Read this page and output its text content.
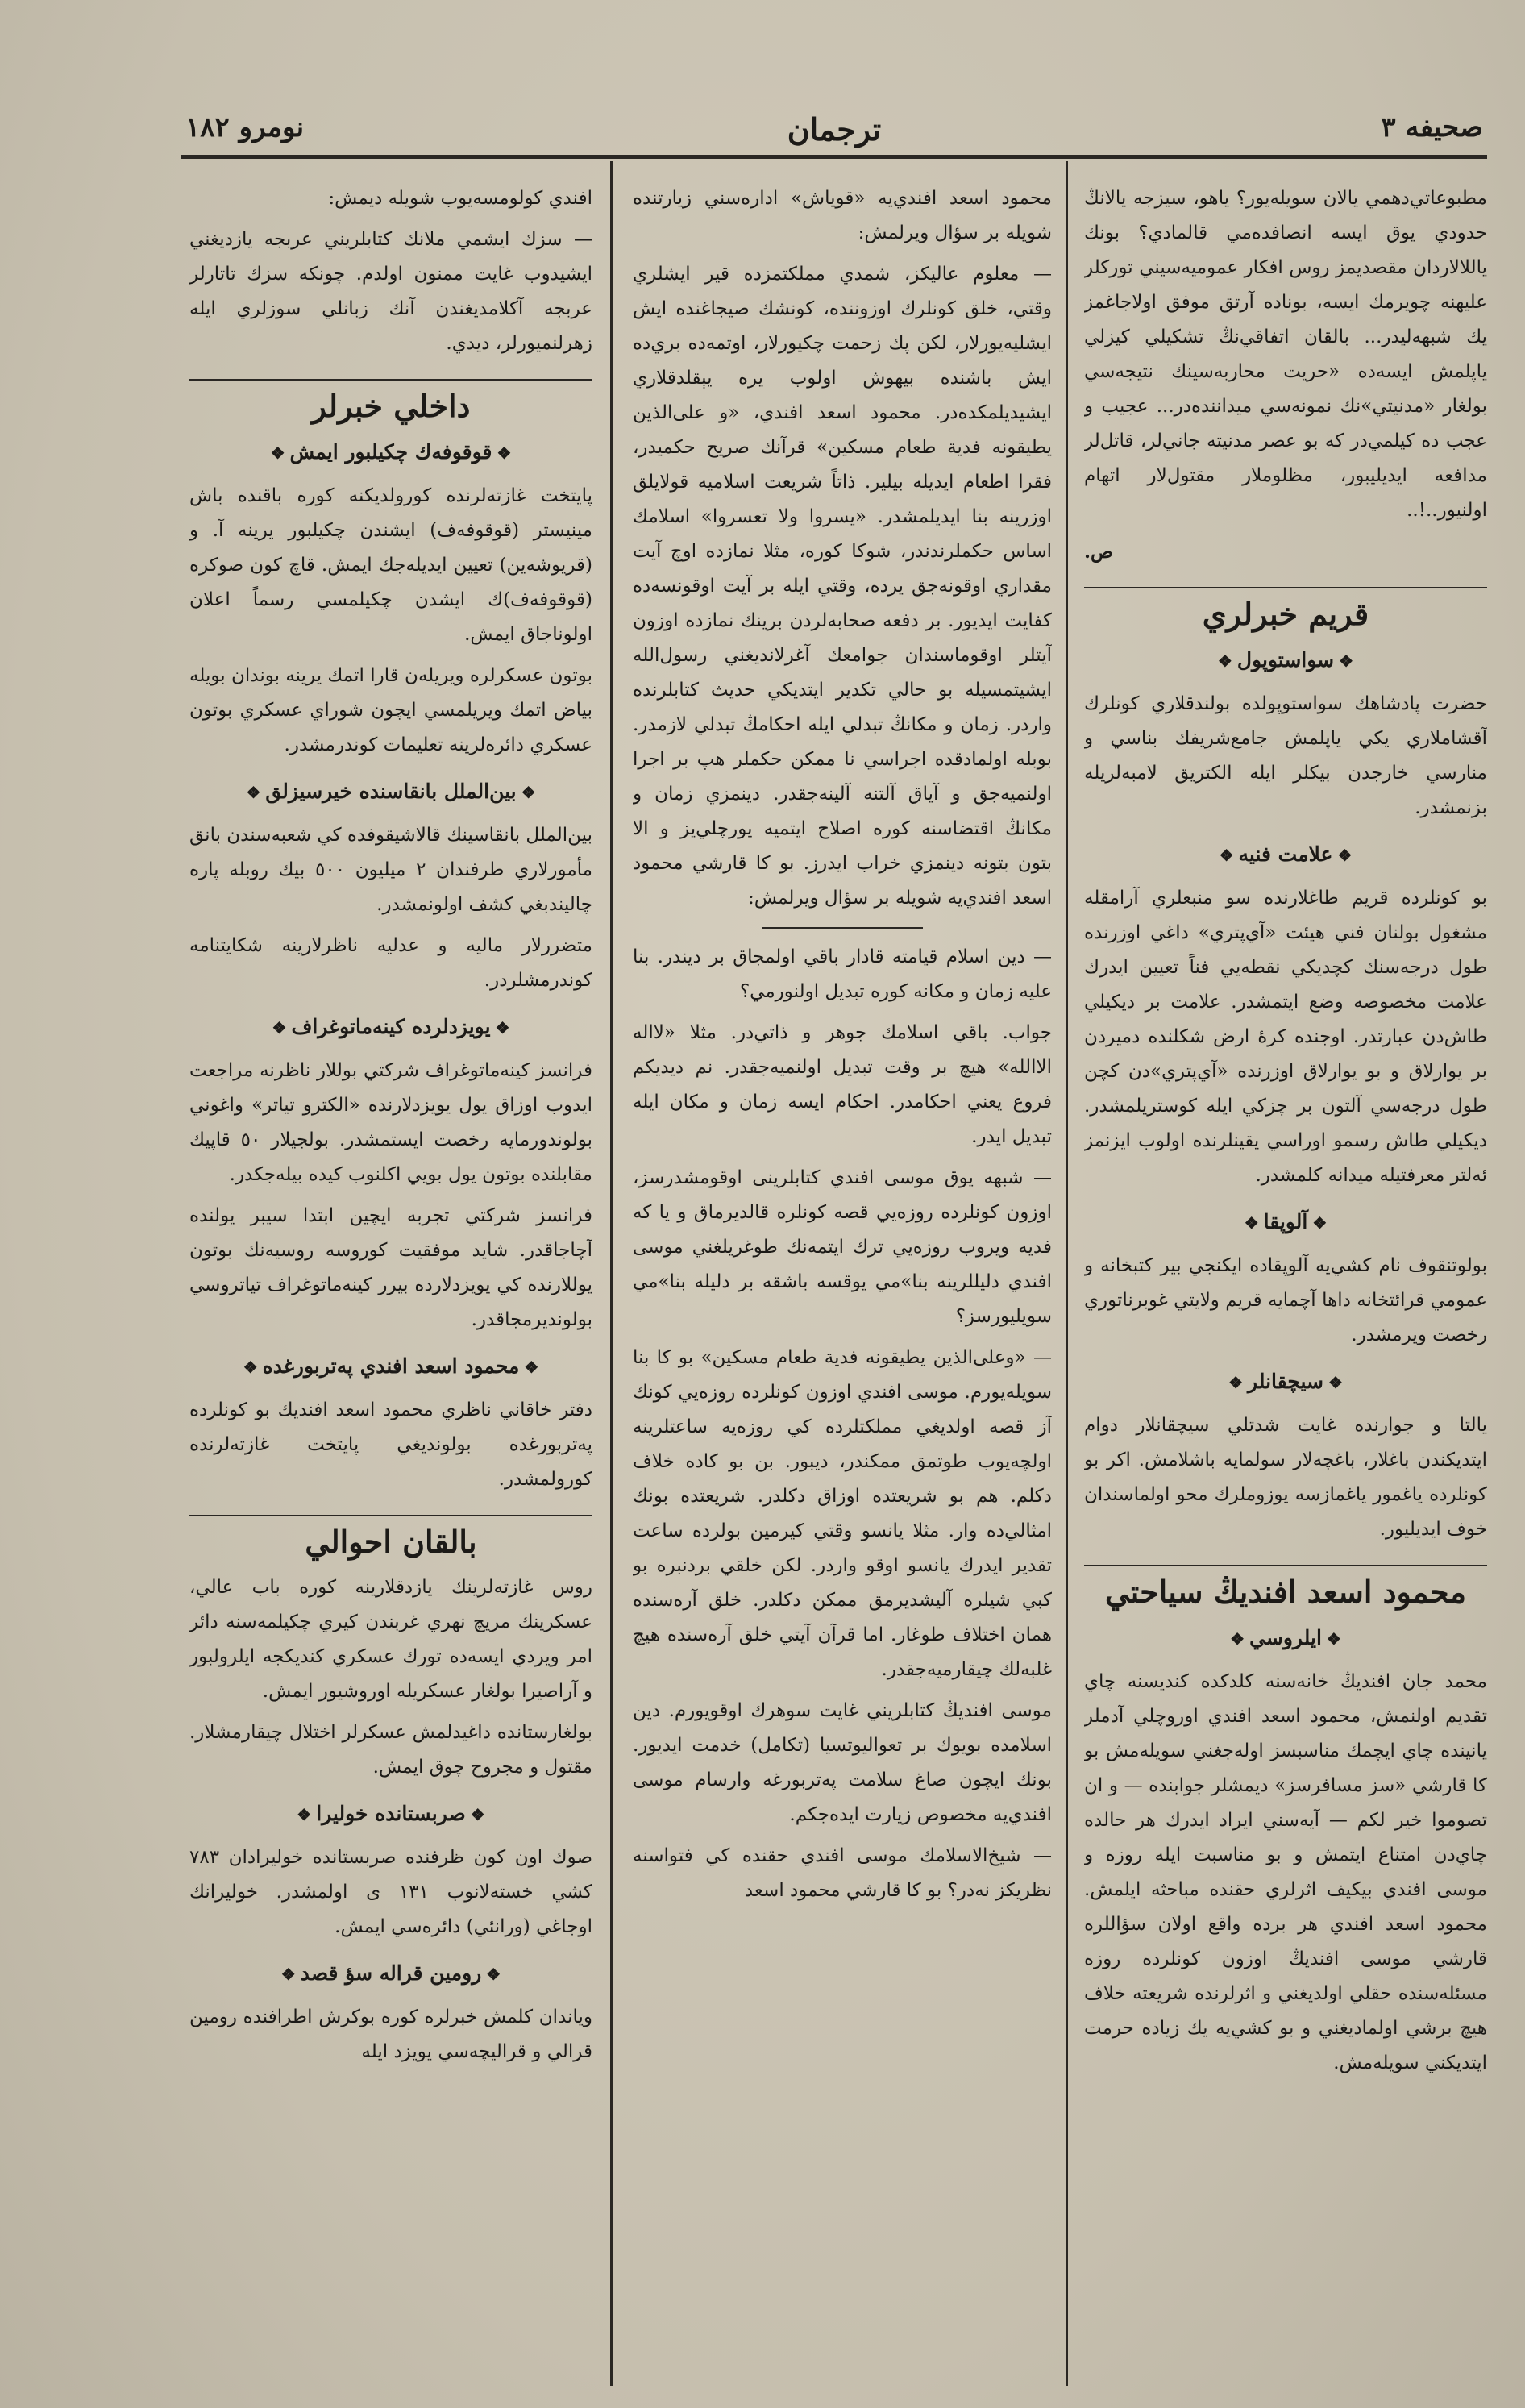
صحيفه ٣
ترجمان
نومرو ١٨٢

مطبوعاتي‌دهمي يالان سويله‌يور؟ ياهو، سيزجه يالانڭ حدودي يوق ايسه انصافده‌مي قالمادي؟ بونك ياللالاردان مقصديمز روس افكار عموميه‌سيني توركلر عليهنه چويرمك ايسه، بوناده آرتق موفق اولاجاغمز يك شبهه‌ليدر... بالقان اتفاقي‌نڭ تشكيلي كيزلي ياپلمش ايسه‌ده «حريت محاربه‌سينك نتيجه‌سي بولغار «مدنيتي»نك نمونه‌سي ميداننده‌در... عجيب و عجب ده كيلمي‌در كه بو عصر مدنيته جاني‌لر، قاتل‌لر مدافعه ايديليبور، مظلوملار مقتول‌لار اتهام اولنيور..!..

ص.

قريم خبرلري
❖سواستوپول❖

حضرت پادشاهك سواستوپولده بولندقلاري كونلرك آقشاملاري يكي ياپلمش جامع‌شريفك بناسي و منارسي خارجدن بيكلر ايله الكتريق لامبه‌لريله بزنمشدر.

❖علامت فنيه❖

بو كونلرده قريم طاغلارنده سو منبعلري آرامقله مشغول بولنان فني هيئت «آي‌پتري» داغي اوزرنده طول درجه‌سنك كچديكي نقطه‌يي فناً تعيين ايدرك علامت مخصوصه وضع ايتمشدر. علامت بر ديكيلي طاش‌دن عبارتدر. اوجنده كرهٔ ارض شكلنده دميردن بر يوارلاق و بو يوارلاق اوزرنده «آي‌پتري»دن كچن طول درجه‌سي آلتون بر چزكي ايله كوستريلمشدر. ديكيلي طاش رسمو اوراسي يقينلرنده اولوب ايزنمز ئه‌لتر معرفتيله ميدانه كلمشدر.

❖آلوپقا❖

بولوتنقوف نام كشي‌يه آلوپقاده ايكنجي بير كتبخانه و عمومي قرائتخانه داها آچمايه قريم ولايتي غوبرناتوري رخصت ويرمشدر.

❖سيچقانلر❖

يالتا و جوارنده غايت شدتلي سيچقانلار دوام ايتديكندن باغلار، باغچه‌لار سولمايه باشلامش. اكر بو كونلرده ياغمور ياغمازسه يوزوملرك محو اولماسندان خوف ايديليور.

محمود اسعد افنديڭ سياحتي
❖ايلروسي❖

محمد جان افنديڭ خانه‌سنه كلدكده كنديسنه چاي تقديم اولنمش، محمود اسعد افندي اوروچلي آدملر يانينده چاي ايچمك مناسبسز اوله‌جغني سويله‌مش بو كا قارشي «سز مسافرسز» ديمشلر جوابنده — و ان تصوموا خير لكم — آيه‌سني ايراد ايدرك هر حالده چاي‌دن امتناع ايتمش و بو مناسبت ايله روزه و موسى افندي بيكيف اثرلري حقنده مباحثه ايلمش. محمود اسعد افندي هر برده واقع اولان سؤاللره قارشي موسى افنديڭ اوزون كونلرده روزه مسئله‌سنده حقلي اولديغني و اثرلرنده شريعته خلاف هيچ برشي اولماديغني و بو كشي‌يه يك زياده حرمت ايتديكني سويله‌مش.

محمود اسعد افندي‌يه «قوياش» اداره‌سني زيارتنده شويله بر سؤال ويرلمش:

— معلوم عاليكز، شمدي مملكتمزده قير ايشلري وقتي، خلق كونلرك اوزوننده، كونشك صيجاغنده ايش ايشليه‌يورلار، لكن پك زحمت چكيورلار، اوتمه‌ده بري‌ده ايش باشنده بيهوش اولوب يره يېقلدقلاري ايشيديلمكده‌در. محمود اسعد افندي، «و على‌الذين يطيقونه فدية طعام مسكين» قرآنك صريح حكميدر، فقرا اطعام ايديله بيلير. ذاتاً شريعت اسلاميه قولايلق اوزرينه بنا ايديلمشدر. «يسروا ولا تعسروا» اسلامك اساس حكملرندندر، شوكا كوره، مثلا نمازده اوچ آيت مقداري اوقونه‌جق يرده، وقتي ايله بر آيت اوقونسه‌ده كفايت ايديور. بر دفعه صحابه‌لردن برينك نمازده اوزون آيتلر اوقوماسندان جوامعك آغرلانديغني رسول‌الله ايشيتمسيله بو حالي تكدير ايتديكي حديث كتابلرنده واردر. زمان و مكانڭ تبدلي ايله احكامڭ تبدلي لازمدر. بوبله اولمادقده اجراسي نا ممكن حكملر هپ بر اجرا اولنميه‌جق و آياق آلتنه آلينه‌جقدر. دينمزي زمان و مكانڭ اقتضاسنه كوره اصلاح ايتميه يورچلي‌يز و الا بتون بتونه دينمزي خراب ايدرز. بو كا قارشي محمود اسعد افندي‌يه شويله بر سؤال ويرلمش:

— دين اسلام قيامته قادار باقي اولمجاق بر ديندر. بنا عليه زمان و مكانه كوره تبديل اولنورمي؟

جواب. باقي اسلامك جوهر و ذاتي‌در. مثلا «لااله الاالله» هيچ بر وقت تبديل اولنميه‌جقدر. نم ديديكم فروع يعني احكامدر. احكام ايسه زمان و مكان ايله تبديل ايدر.

— شبهه يوق موسى افندي كتابلرينى اوقومشدرسز، اوزون كونلرده روزه‌يي قصه كونلره قالديرماق و يا كه فديه ويروب روزه‌يي ترك ايتمه‌نك طوغريلغني موسى افندي دليللرينه بنا»مي يوقسه باشقه بر دليله بنا»مي سويليورسز؟

— «وعلى‌الذين يطيقونه فدية طعام مسكين» بو كا بنا سويله‌يورم. موسى افندي اوزون كونلرده روزه‌يي كونك آز قصه اولديغي مملكتلرده كي روزه‌يه ساعتلرينه اولچه‌يوب طوتمق ممكندر، ديبور. بن بو كاده خلاف دكلم. هم بو شريعتده اوزاق دكلدر. شريعتده بونك امثالي‌ده وار. مثلا يانسو وقتي كيرمين بولرده ساعت تقدير ايدرك يانسو اوقو واردر. لكن خلقي بردنبره بو كبي شيلره آليشديرمق ممكن دكلدر. خلق آرەسنده همان اختلاف طوغار. اما قرآن آيتي خلق آرەسنده هيچ غلبه‌لك چيقارميه‌جقدر.

موسى افنديڭ كتابلريني غايت سوهرك اوقويورم. دين اسلامده بويوك بر تعواليوتسيا (تكامل) خدمت ايديور. بونك ايچون صاغ سلامت په‌تربورغه وارسام موسى افندي‌يه مخصوص زيارت ايده‌جكم.

— شيخ‌الاسلامك موسى افندي حقنده كي فتواسنه نظريكز نه‌در؟ بو كا قارشي محمود اسعد

افندي كولومسه‌يوب شويله ديمش:

— سزك ايشمي ملانك كتابلريني عربجه يازديغني ايشيدوب غايت ممنون اولدم. چونكه سزك تاتارلر عربجه آكلامديغندن آنك زبانلي سوزلري ايله زهرلنميورلر، ديدي.

داخلي خبرلر
❖قوقوفه‌ك چكيلبور ايمش❖

پايتخت غازته‌لرنده كورولديكنه كوره باقنده باش مينيستر (قوقوفه‌ف) ايشندن چكيلبور يرينه آ. و (قريوشه‌ين) تعيين ايديله‌جك ايمش. قاچ كون صوكره (قوقوفه‌ف)ك ايشدن چكيلمسي رسماً اعلان اولوناجاق ايمش.

بوتون عسكرلره ويريله‌ن قارا اتمك يرينه بوندان بويله بياض اتمك ويريلمسي ايچون شوراي عسكري بوتون عسكري دائره‌لرينه تعليمات كوندرمشدر.

❖بين‌الملل بانقاسنده خيرسيزلق❖

بين‌الملل بانقاسينك قالاشيقوفده كي شعبه‌سندن بانق مأمورلاري طرفندان ٢ ميليون ٥٠٠ بيك روبله پاره چاليندبغي كشف اولونمشدر.

متضررلار ماليه و عدليه ناظرلارينه شكايتنامه كوندرمشلردر.

❖يويزدلرده كينه‌ماتوغراف❖

فرانسز كينه‌ماتوغراف شركتي بوللار ناظرنه مراجعت ايدوب اوزاق يول يويزدلارنده «الكترو تياتر» واغوني بولوندورمايه رخصت ايستمشدر. بولجيلار ٥٠ قاپيك مقابلنده بوتون يول بويي اكلنوب كيده بيله‌جكدر.

فرانسز شركتي تجربه ايچين ابتدا سيبر يولنده آچاجاقدر. شايد موفقيت كوروسه روسيه‌نك بوتون يوللارنده كي يويزدلارده بيرر كينه‌ماتوغراف تياتروسي بولونديرمجاقدر.

❖محمود اسعد افندي په‌تربورغده❖

دفتر خاقاني ناظري محمود اسعد افنديك بو كونلرده په‌تربورغده بولونديغي پايتخت غازته‌لرنده كورولمشدر.

بالقان احوالي

روس غازته‌لرينك يازدقلارينه كوره باب عالي، عسكرينك مريچ نهري غربندن كيري چكيلمه‌سنه دائر امر ويردي ايسه‌ده تورك عسكري كنديكجه ايلرولبور و آراصيرا بولغار عسكريله اوروشيور ايمش.

بولغارستانده داغيدلمش عسكرلر اختلال چيقارمشلار. مقتول و مجروح چوق ايمش.

❖صربستانده خوليرا❖

صوك اون كون ظرفنده صربستانده خوليرادان ٧٨٣ كشي خسته‌لانوب ١٣١ ى اولمشدر. خوليرانك اوجاغي (ورانئي) دائره‌سي ايمش.

❖رومين قراله سؤ قصد❖

وياندان كلمش خبرلره كوره بوكرش اطرافنده رومين قرالي و قراليچه‌سي يويزد ايله
